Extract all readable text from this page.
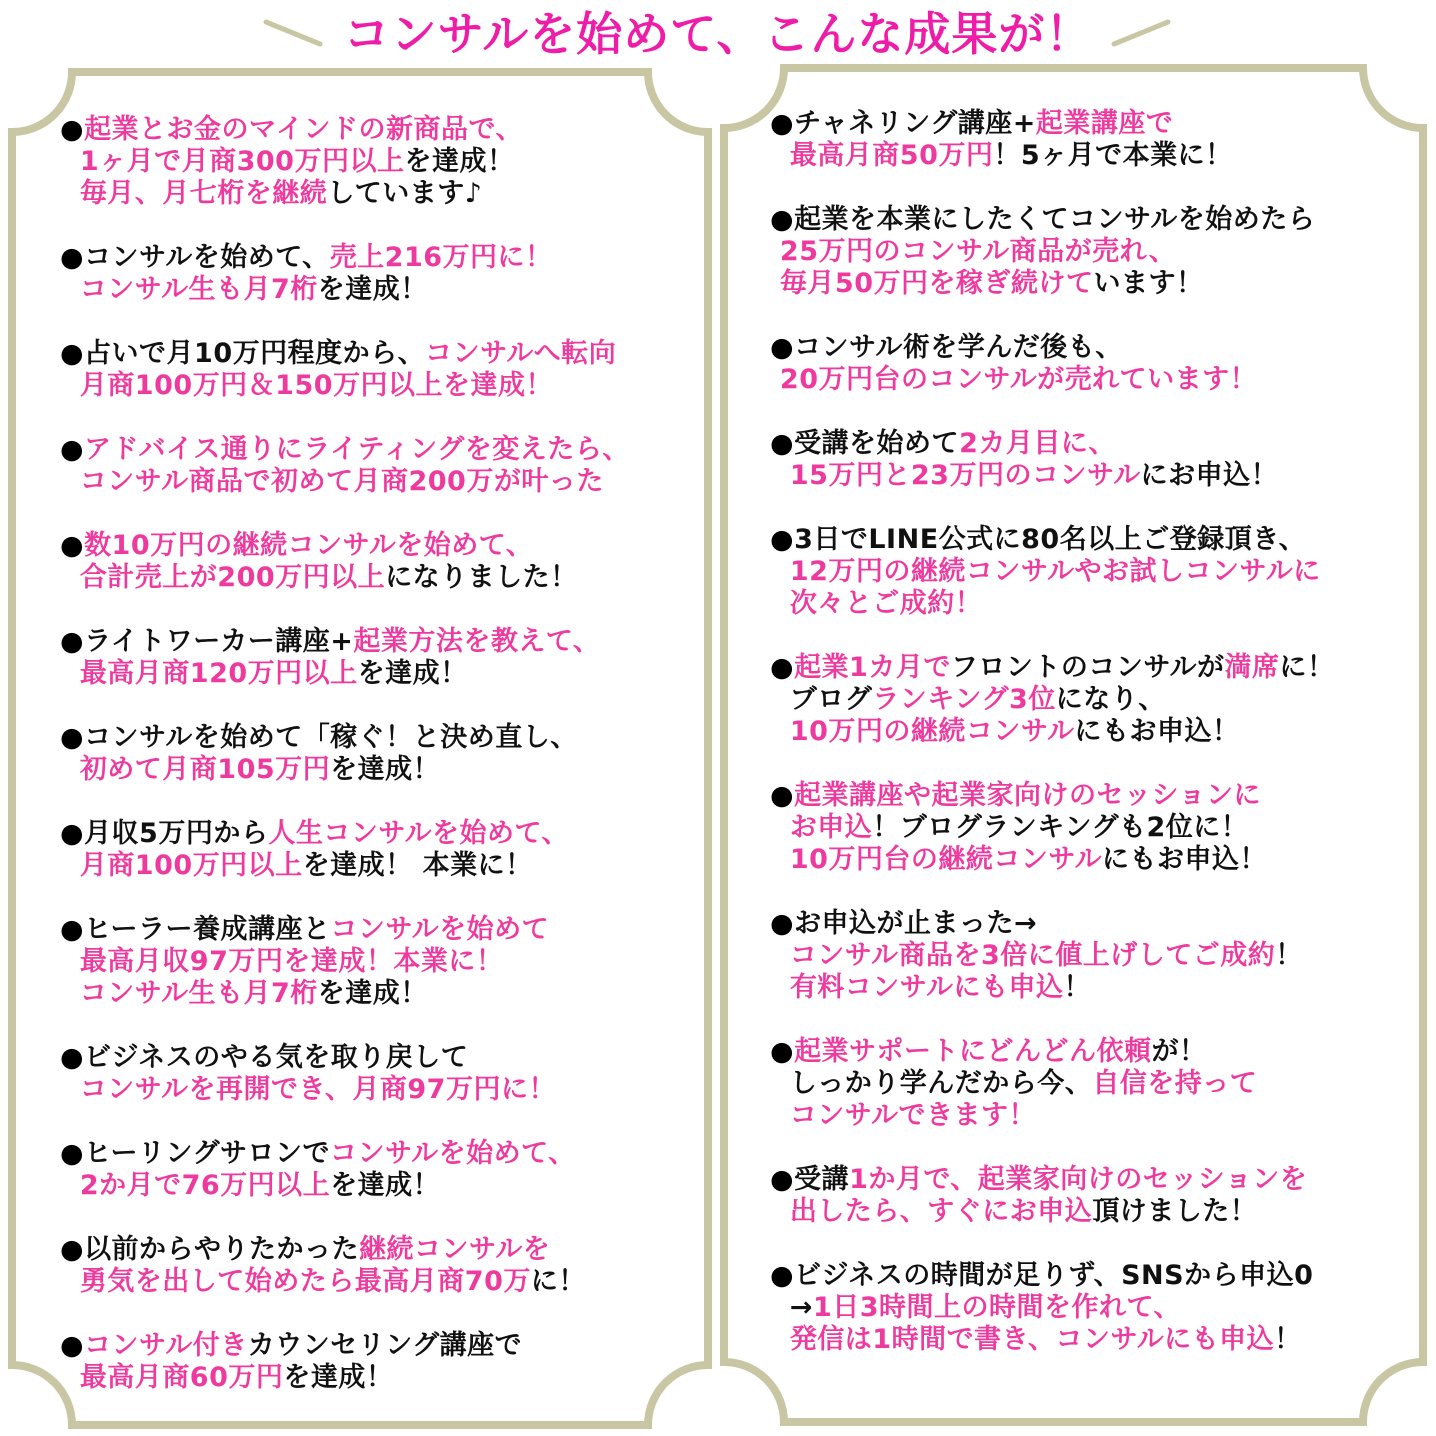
コンサルを始めて、こんな成果が！
●起業とお金のマインドの新商品で、
1ヶ月で月商300万円以上を達成！
毎月、月七桁を継続しています♪
●コンサルを始めて、売上216万円に！
コンサル生も月7桁を達成！
●占いで月10万円程度から、コンサルへ転向
月商100万円＆150万円以上を達成！
●アドバイス通りにライティングを変えたら、
コンサル商品で初めて月商200万が叶った
●数10万円の継続コンサルを始めて、
合計売上が200万円以上になりました！
●ライトワーカー講座+起業方法を教えて、
最高月商120万円以上を達成！
●コンサルを始めて「稼ぐ！と決め直し、
初めて月商105万円を達成！
●月収5万円から人生コンサルを始めて、
月商100万円以上を達成！ 本業に！
●ヒーラー養成講座とコンサルを始めて
最高月収97万円を達成！本業に！
コンサル生も月7桁を達成！
●ビジネスのやる気を取り戻して
コンサルを再開でき、月商97万円に！
●ヒーリングサロンでコンサルを始めて、
2か月で76万円以上を達成！
●以前からやりたかった継続コンサルを
勇気を出して始めたら最高月商70万に！
●コンサル付きカウンセリング講座で
最高月商60万円を達成！
●チャネリング講座+起業講座で
最高月商50万円！5ヶ月で本業に！
●起業を本業にしたくてコンサルを始めたら
25万円のコンサル商品が売れ、
毎月50万円を稼ぎ続けています！
●コンサル術を学んだ後も、
20万円台のコンサルが売れています！
●受講を始めて2カ月目に、
15万円と23万円のコンサルにお申込！
●3日でLINE公式に80名以上ご登録頂き、
12万円の継続コンサルやお試しコンサルに
次々とご成約！
●起業1カ月でフロントのコンサルが満席に！
ブログランキング3位になり、
10万円の継続コンサルにもお申込！
●起業講座や起業家向けのセッションに
お申込！ブログランキングも2位に！
10万円台の継続コンサルにもお申込！
●お申込が止まった→
コンサル商品を3倍に値上げしてご成約！
有料コンサルにも申込！
●起業サポートにどんどん依頼が！
しっかり学んだから今、自信を持って
コンサルできます！
●受講1か月で、起業家向けのセッションを
出したら、すぐにお申込頂けました！
●ビジネスの時間が足りず、SNSから申込0
→1日3時間上の時間を作れて、
発信は1時間で書き、コンサルにも申込！
